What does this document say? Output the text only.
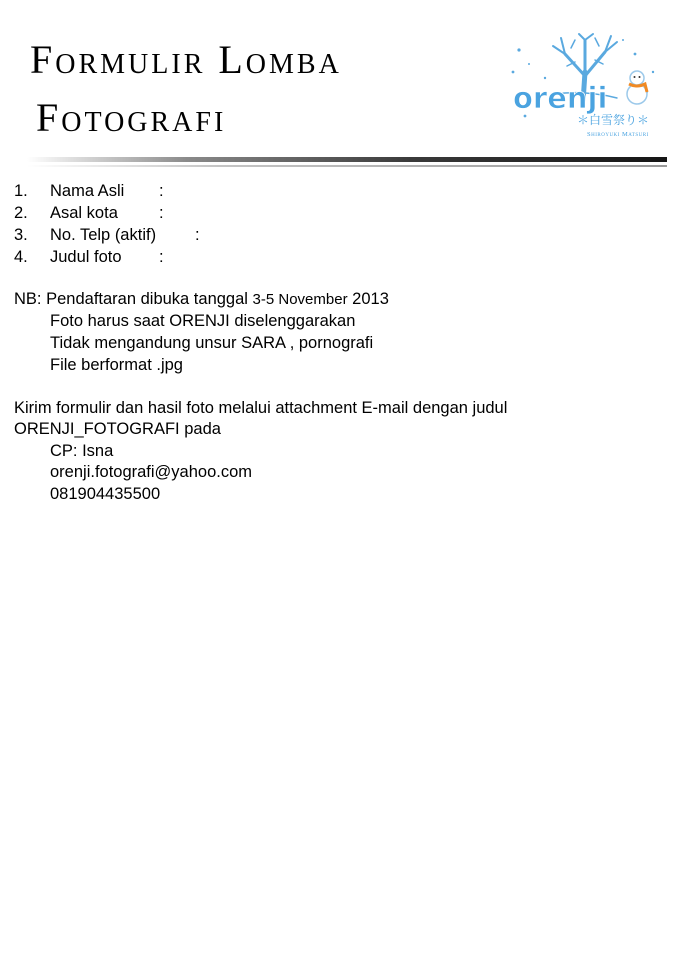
Formulir Lomba
Fotografi	orenji
＊白雪祭り＊
Shiroyuki Matsuri
1. Nama Asli :
2. Asal kota :
3. No. Telp (aktif) :
4. Judul foto :
NB: Pendaftaran dibuka tanggal 3-5 November 2013
Foto harus saat ORENJI diselenggarakan
Tidak mengandung unsur SARA , pornografi
File berformat .jpg
Kirim formulir dan hasil foto melalui attachment E-mail dengan judul
ORENJI_FOTOGRAFI pada
CP: Isna
orenji.fotografi@yahoo.com
081904435500
